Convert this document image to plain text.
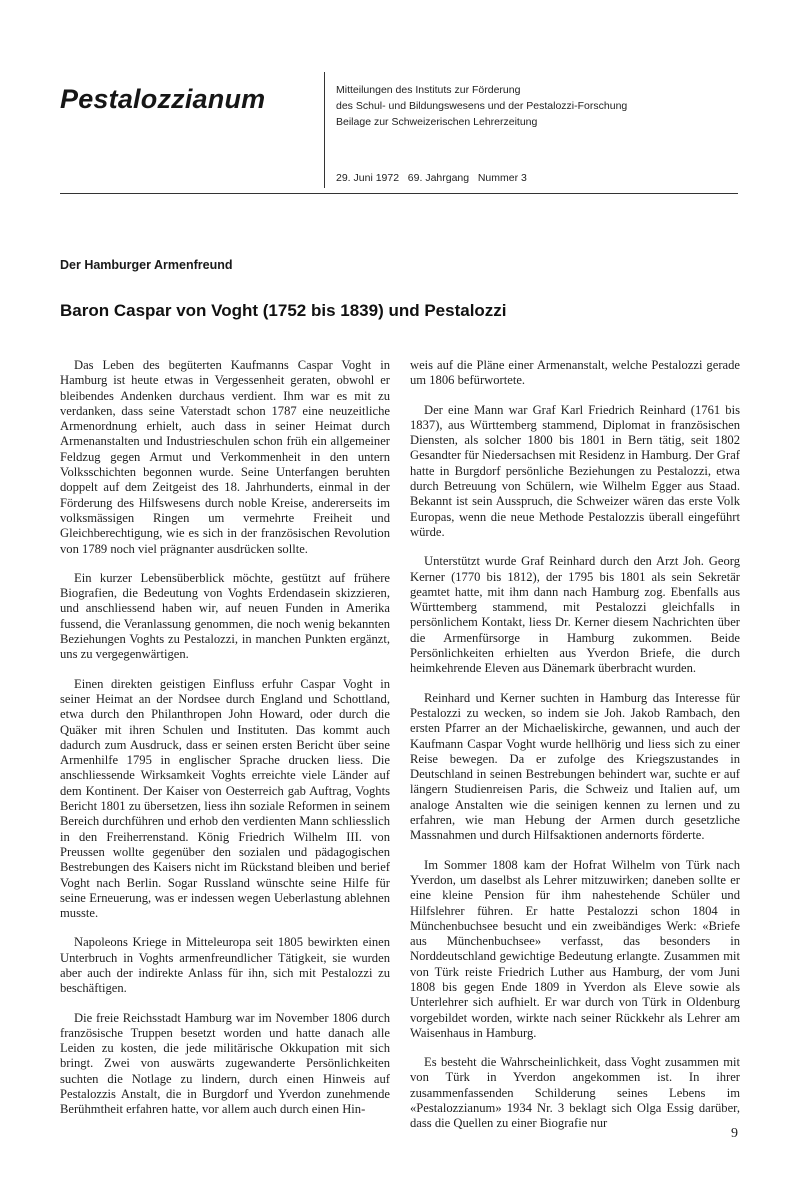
Pestalozzianum	Mitteilungen des Instituts zur Förderung
des Schul- und Bildungswesens und der Pestalozzi-Forschung
Beilage zur Schweizerischen Lehrerzeitung
29. Juni 1972   69. Jahrgang   Nummer 3
Der Hamburger Armenfreund
Baron Caspar von Voght (1752 bis 1839) und Pestalozzi

Das Leben des begüterten Kaufmanns Caspar Voght in Hamburg ist heute etwas in Vergessenheit geraten, obwohl er bleibendes Andenken durchaus verdient. Ihm war es mit zu verdanken, dass seine Vaterstadt schon 1787 eine neuzeitliche Armenordnung erhielt, auch dass in seiner Heimat durch Armenanstalten und Industrieschulen schon früh ein allgemeiner Feldzug gegen Armut und Verkommenheit in den untern Volksschichten begonnen wurde. Seine Unterfangen beruhten doppelt auf dem Zeitgeist des 18. Jahrhunderts, einmal in der Förderung des Hilfswesens durch noble Kreise, andererseits im volksmässigen Ringen um vermehrte Freiheit und Gleichberechtigung, wie es sich in der französischen Revolution von 1789 noch viel prägnanter ausdrücken sollte.

Ein kurzer Lebensüberblick möchte, gestützt auf frühere Biografien, die Bedeutung von Voghts Erdendasein skizzieren, und anschliessend haben wir, auf neuen Funden in Amerika fussend, die Veranlassung genommen, die noch wenig bekannten Beziehungen Voghts zu Pestalozzi, in manchen Punkten ergänzt, uns zu vergegenwärtigen.

Einen direkten geistigen Einfluss erfuhr Caspar Voght in seiner Heimat an der Nordsee durch England und Schottland, etwa durch den Philanthropen John Howard, oder durch die Quäker mit ihren Schulen und Instituten. Das kommt auch dadurch zum Ausdruck, dass er seinen ersten Bericht über seine Armenhilfe 1795 in englischer Sprache drucken liess. Die anschliessende Wirksamkeit Voghts erreichte viele Länder auf dem Kontinent. Der Kaiser von Oesterreich gab Auftrag, Voghts Bericht 1801 zu übersetzen, liess ihn soziale Reformen in seinem Bereich durchführen und erhob den verdienten Mann schliesslich in den Freiherrenstand. König Friedrich Wilhelm III. von Preussen wollte gegenüber den sozialen und pädagogischen Bestrebungen des Kaisers nicht im Rückstand bleiben und berief Voght nach Berlin. Sogar Russland wünschte seine Hilfe für seine Erneuerung, was er indessen wegen Ueberlastung ablehnen musste.

Napoleons Kriege in Mitteleuropa seit 1805 bewirkten einen Unterbruch in Voghts armenfreundlicher Tätigkeit, sie wurden aber auch der indirekte Anlass für ihn, sich mit Pestalozzi zu beschäftigen.

Die freie Reichsstadt Hamburg war im November 1806 durch französische Truppen besetzt worden und hatte danach alle Leiden zu kosten, die jede militärische Okkupation mit sich bringt. Zwei von auswärts zugewanderte Persönlichkeiten suchten die Notlage zu lindern, durch einen Hinweis auf Pestalozzis Anstalt, die in Burgdorf und Yverdon zunehmende Berühmtheit erfahren hatte, vor allem auch durch einen Hin-

weis auf die Pläne einer Armenanstalt, welche Pestalozzi gerade um 1806 befürwortete.

Der eine Mann war Graf Karl Friedrich Reinhard (1761 bis 1837), aus Württemberg stammend, Diplomat in französischen Diensten, als solcher 1800 bis 1801 in Bern tätig, seit 1802 Gesandter für Niedersachsen mit Residenz in Hamburg. Der Graf hatte in Burgdorf persönliche Beziehungen zu Pestalozzi, etwa durch Betreuung von Schülern, wie Wilhelm Egger aus Staad. Bekannt ist sein Ausspruch, die Schweizer wären das erste Volk Europas, wenn die neue Methode Pestalozzis überall eingeführt würde.

Unterstützt wurde Graf Reinhard durch den Arzt Joh. Georg Kerner (1770 bis 1812), der 1795 bis 1801 als sein Sekretär geamtet hatte, mit ihm dann nach Hamburg zog. Ebenfalls aus Württemberg stammend, mit Pestalozzi gleichfalls in persönlichem Kontakt, liess Dr. Kerner diesem Nachrichten über die Armenfürsorge in Hamburg zukommen. Beide Persönlichkeiten erhielten aus Yverdon Briefe, die durch heimkehrende Eleven aus Dänemark überbracht wurden.

Reinhard und Kerner suchten in Hamburg das Interesse für Pestalozzi zu wecken, so indem sie Joh. Jakob Rambach, den ersten Pfarrer an der Michaeliskirche, gewannen, und auch der Kaufmann Caspar Voght wurde hellhörig und liess sich zu einer Reise bewegen. Da er zufolge des Kriegszustandes in Deutschland in seinen Bestrebungen behindert war, suchte er auf längern Studienreisen Paris, die Schweiz und Italien auf, um analoge Anstalten wie die seinigen kennen zu lernen und zu erfahren, wie man Hebung der Armen durch gesetzliche Massnahmen und durch Hilfsaktionen andernorts förderte.

Im Sommer 1808 kam der Hofrat Wilhelm von Türk nach Yverdon, um daselbst als Lehrer mitzuwirken; daneben sollte er eine kleine Pension für ihm nahestehende Schüler und Hilfslehrer führen. Er hatte Pestalozzi schon 1804 in Münchenbuchsee besucht und ein zweibändiges Werk: «Briefe aus Münchenbuchsee» verfasst, das besonders in Norddeutschland gewichtige Bedeutung erlangte. Zusammen mit von Türk reiste Friedrich Luther aus Hamburg, der vom Juni 1808 bis gegen Ende 1809 in Yverdon als Eleve sowie als Unterlehrer sich aufhielt. Er war durch von Türk in Oldenburg vorgebildet worden, wirkte nach seiner Rückkehr als Lehrer am Waisenhaus in Hamburg.

Es besteht die Wahrscheinlichkeit, dass Voght zusammen mit von Türk in Yverdon angekommen ist. In ihrer zusammenfassenden Schilderung seines Lebens im «Pestalozzianum» 1934 Nr. 3 beklagt sich Olga Essig darüber, dass die Quellen zu einer Biografie nur

9
